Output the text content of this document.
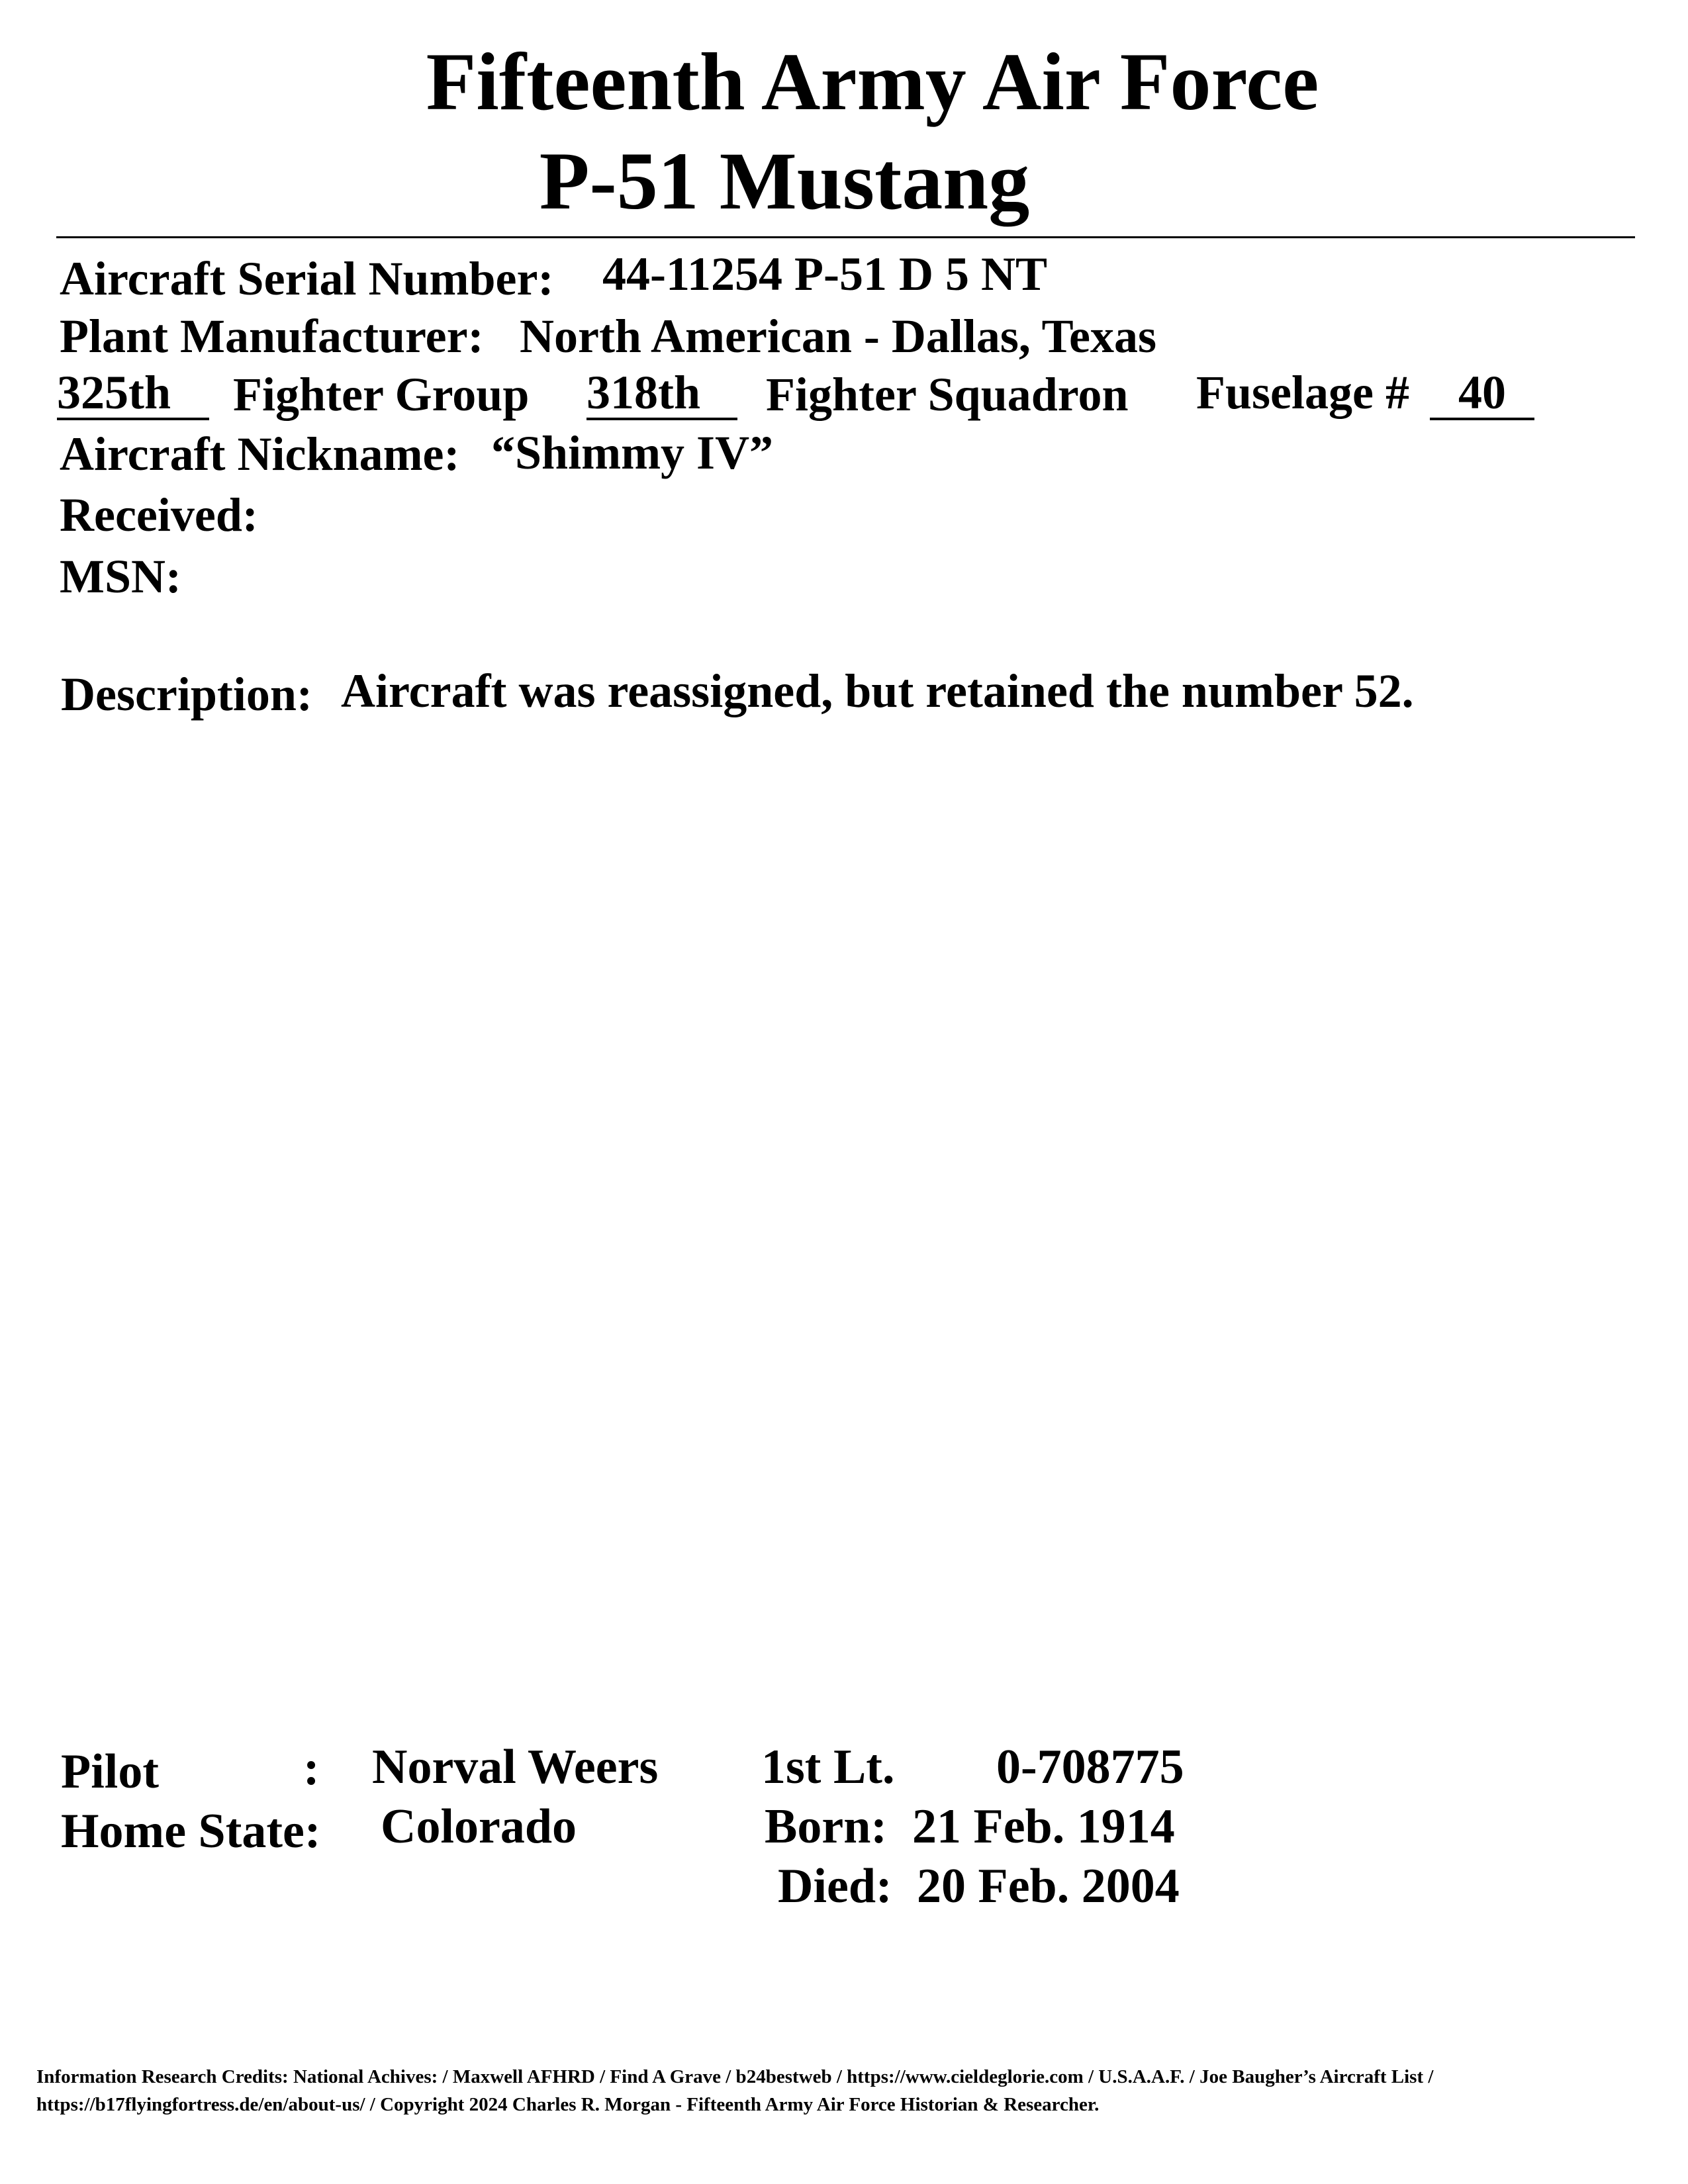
Fifteenth Army Air Force
P-51 Mustang
Aircraft Serial Number: 44-11254 P-51 D 5 NT
Plant Manufacturer: North American - Dallas, Texas
325th	Fighter Group 318th	Fighter Squadron Fuselage #	40
Aircraft Nickname: “Shimmy IV”
Received:
MSN:
Description: Aircraft was reassigned, but retained the number 52.
Pilot	: Norval Weers 1st Lt. 0-708775
Home State: Colorado	Born: 21 Feb. 1914
Died: 20 Feb. 2004
Information Research Credits: National Achives: / Maxwell AFHRD / Find A Grave / b24bestweb / https://www.cieldeglorie.com / U.S.A.A.F. / Joe Baugher’s Aircraft List / https://b17flyingfortress.de/en/about-us/ / Copyright 2024 Charles R. Morgan - Fifteenth Army Air Force Historian & Researcher.
